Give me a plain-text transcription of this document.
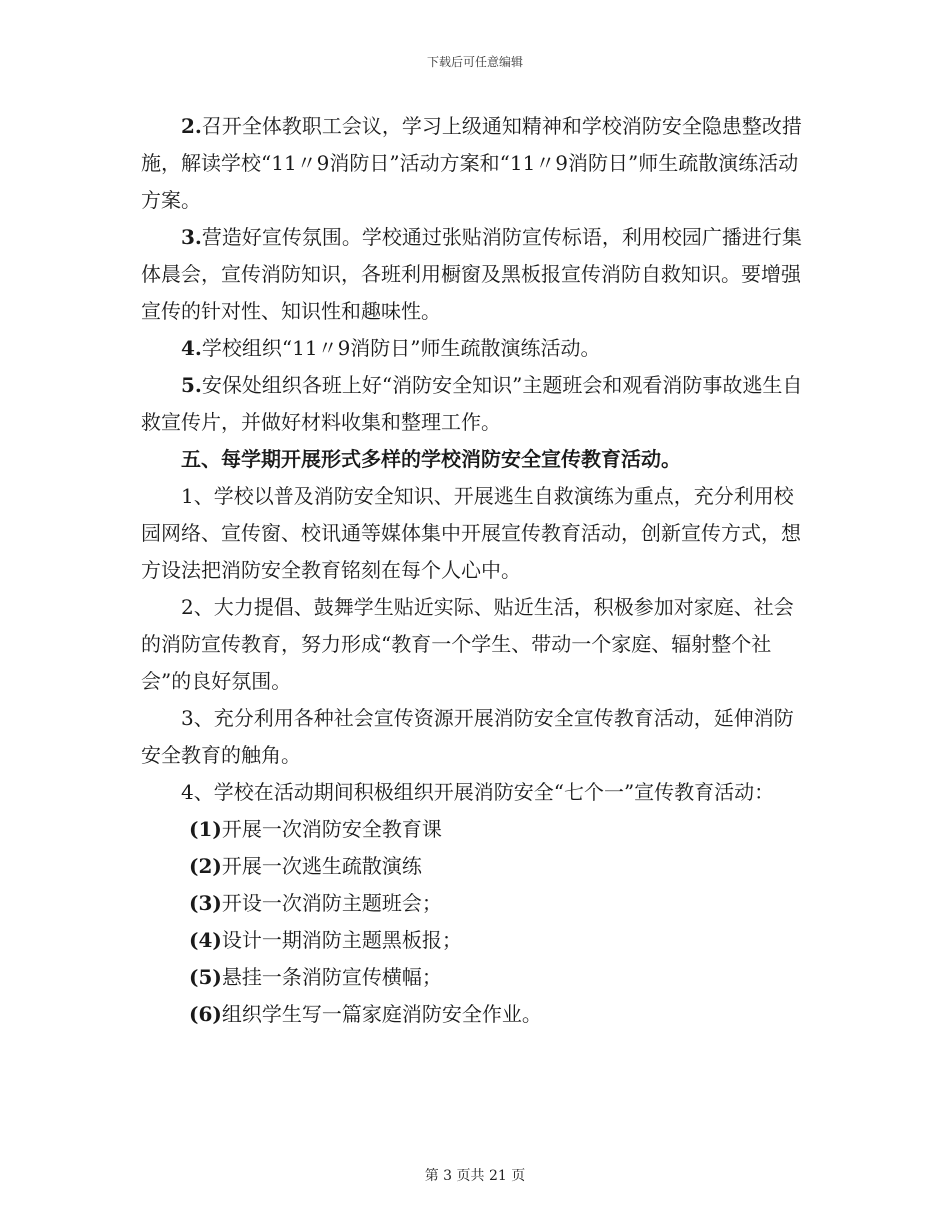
下载后可任意编辑

2.召开全体教职工会议，学习上级通知精神和学校消防安全隐患整改措施，解读学校“11〃9消防日”活动方案和“11〃9消防日”师生疏散演练活动方案。

3.营造好宣传氛围。学校通过张贴消防宣传标语，利用校园广播进行集体晨会，宣传消防知识，各班利用橱窗及黑板报宣传消防自救知识。要增强宣传的针对性、知识性和趣味性。

4.学校组织“11〃9消防日”师生疏散演练活动。

5.安保处组织各班上好“消防安全知识”主题班会和观看消防事故逃生自救宣传片，并做好材料收集和整理工作。

五、每学期开展形式多样的学校消防安全宣传教育活动。

1、学校以普及消防安全知识、开展逃生自救演练为重点，充分利用校园网络、宣传窗、校讯通等媒体集中开展宣传教育活动，创新宣传方式，想方设法把消防安全教育铭刻在每个人心中。

2、大力提倡、鼓舞学生贴近实际、贴近生活，积极参加对家庭、社会的消防宣传教育，努力形成“教育一个学生、带动一个家庭、辐射整个社会”的良好氛围。

3、充分利用各种社会宣传资源开展消防安全宣传教育活动，延伸消防安全教育的触角。

4、学校在活动期间积极组织开展消防安全“七个一”宣传教育活动：

(1)开展一次消防安全教育课

(2)开展一次逃生疏散演练

(3)开设一次消防主题班会；

(4)设计一期消防主题黑板报；

(5)悬挂一条消防宣传横幅；

(6)组织学生写一篇家庭消防安全作业。

第 3 页共 21 页
